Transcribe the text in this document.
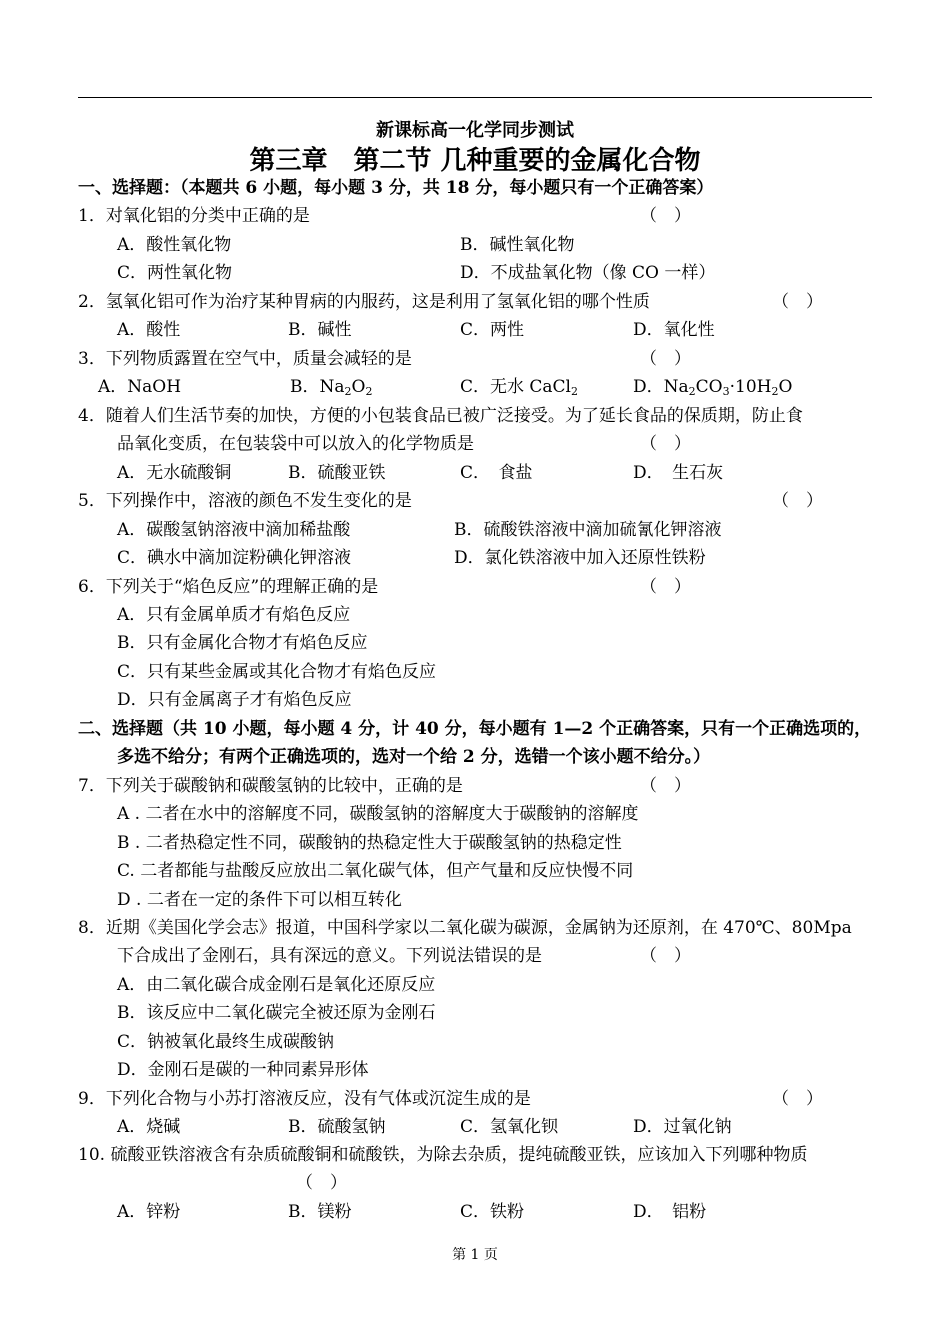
新课标高一化学同步测试
第三章　第二节 几种重要的金属化合物
一、选择题：（本题共 6 小题，每小题 3 分，共 18 分，每小题只有一个正确答案）
1．对氧化铝的分类中正确的是	（　）
A．酸性氧化物	B．碱性氧化物
C．两性氧化物	D．不成盐氧化物（像 CO 一样）
2．氢氧化铝可作为治疗某种胃病的内服药，这是利用了氢氧化铝的哪个性质	（　）
A．酸性	B．碱性	C．两性	D．氧化性
3．下列物质露置在空气中，质量会减轻的是	（　）
A．NaOH	B．$Na_2O_2$	C．无水 CaCl$_2$	D．$Na_2CO_3\cdot 10H_2O$
4．随着人们生活节奏的加快，方便的小包装食品已被广泛接受。为了延长食品的保质期，防止食
品氧化变质，在包装袋中可以放入的化学物质是	（　）
A．无水硫酸铜	B．硫酸亚铁	C．　食盐	D．　生石灰
5．下列操作中，溶液的颜色不发生变化的是	（　）
A．碳酸氢钠溶液中滴加稀盐酸	B．硫酸铁溶液中滴加硫氰化钾溶液
C．碘水中滴加淀粉碘化钾溶液	D．氯化铁溶液中加入还原性铁粉
6．下列关于“焰色反应”的理解正确的是	（　）
A．只有金属单质才有焰色反应
B．只有金属化合物才有焰色反应
C．只有某些金属或其化合物才有焰色反应
D．只有金属离子才有焰色反应
二、选择题（共 10 小题，每小题 4 分，计 40 分，每小题有 1—2 个正确答案，只有一个正确选项的，
多选不给分；有两个正确选项的，选对一个给 2 分，选错一个该小题不给分。）
7．下列关于碳酸钠和碳酸氢钠的比较中，正确的是	（　）
A . 二者在水中的溶解度不同，碳酸氢钠的溶解度大于碳酸钠的溶解度
B . 二者热稳定性不同，碳酸钠的热稳定性大于碳酸氢钠的热稳定性
C. 二者都能与盐酸反应放出二氧化碳气体，但产气量和反应快慢不同
D . 二者在一定的条件下可以相互转化
8．近期《美国化学会志》报道，中国科学家以二氧化碳为碳源，金属钠为还原剂，在 470℃、80Mpa
下合成出了金刚石，具有深远的意义。下列说法错误的是	（　）
A．由二氧化碳合成金刚石是氧化还原反应
B．该反应中二氧化碳完全被还原为金刚石
C．钠被氧化最终生成碳酸钠
D．金刚石是碳的一种同素异形体
9．下列化合物与小苏打溶液反应，没有气体或沉淀生成的是	（　）
A．烧碱	B．硫酸氢钠	C．氢氧化钡	D．过氧化钠
10. 硫酸亚铁溶液含有杂质硫酸铜和硫酸铁，为除去杂质，提纯硫酸亚铁，应该加入下列哪种物质
（　）
A．锌粉	B．镁粉	C．铁粉	D．　铝粉
第 1 页
